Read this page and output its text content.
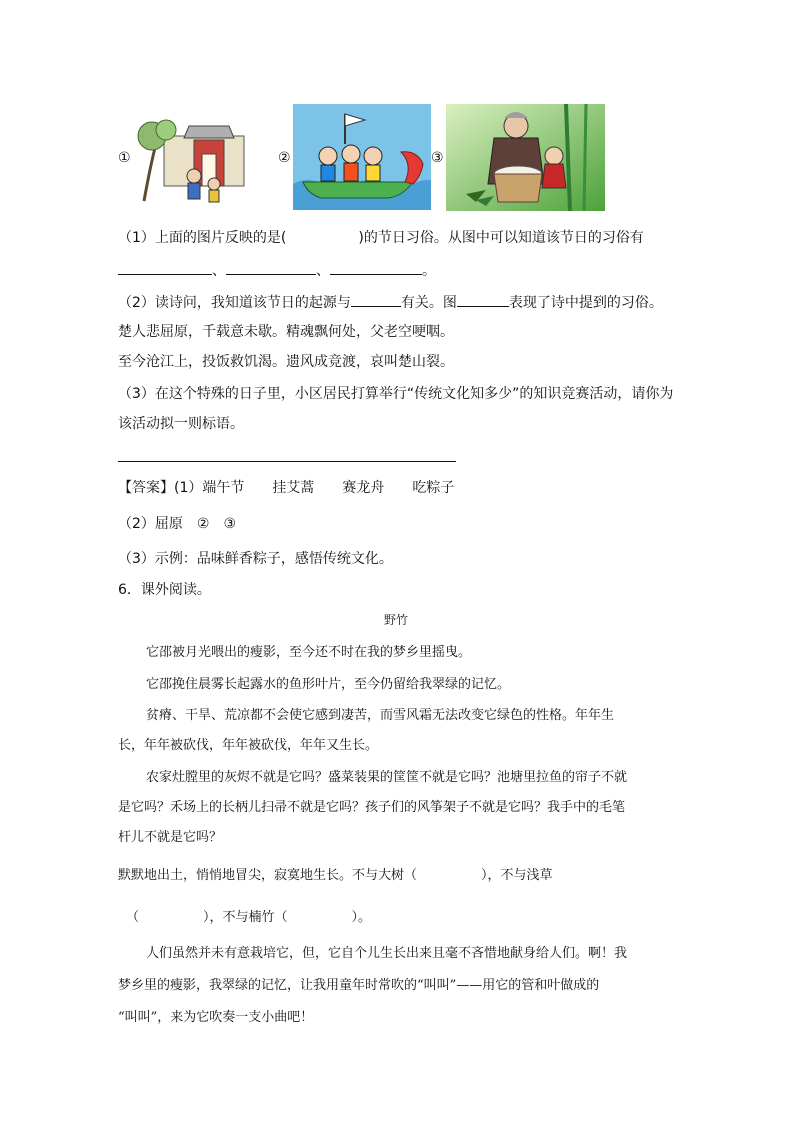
①	②	③
（1）上面的图片反映的是(	)的节日习俗。从图中可以知道该节日的习俗有
、	、	。
（2）读诗问，我知道该节日的起源与	有关。图	表现了诗中提到的习俗。
楚人悲屈原，千载意未歇。精魂飘何处，父老空哽咽。
至今沧江上，投饭救饥渴。遗风成竞渡，哀叫楚山裂。
（3）在这个特殊的日子里，小区居民打算举行“传统文化知多少”的知识竞赛活动，请你为
该活动拟一则标语。
【答案】(1）端午节　　挂艾蒿　　赛龙舟　　吃粽子
（2）屈原　②　③
（3）示例：品味鲜香粽子，感悟传统文化。
6．课外阅读。
野竹
它邵被月光喂出的瘦影，至今还不时在我的梦乡里摇曳。
它邵挽住晨雾长起露水的鱼形叶片，至今仍留给我翠绿的记忆。
贫瘠、干旱、荒凉都不会使它感到凄苦，而雪风霜无法改变它绿色的性格。年年生
长，年年被砍伐，年年被砍伐，年年又生长。
农家灶膛里的灰烬不就是它吗？盛菜装果的筐筐不就是它吗？池塘里拉鱼的帘子不就
是它吗？禾场上的长柄儿扫帚不就是它吗？孩子们的风筝架子不就是它吗？我手中的毛笔
杆儿不就是它吗？
默默地出土，悄悄地冒尖，寂寞地生长。不与大树（	），不与浅草
（	），不与楠竹（	）。
人们虽然并未有意栽培它，但，它自个儿生长出来且毫不吝惜地献身给人们。啊！我
梦乡里的瘦影，我翠绿的记忆，让我用童年时常吹的“叫叫”——用它的管和叶做成的
“叫叫”，来为它吹奏一支小曲吧！
